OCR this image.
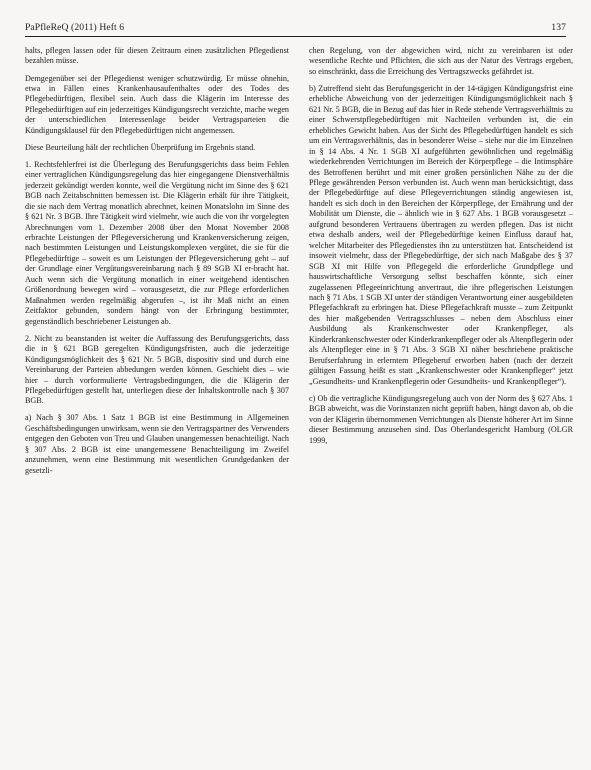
PaPfleReQ (2011) Heft 6	137

halts, pflegen lassen oder für diesen Zeitraum einen zusätzlichen Pflegedienst bezahlen müsse.

Demgegenüber sei der Pflegedienst weniger schutzwürdig. Er müsse ohnehin, etwa in Fällen eines Krankenhausaufenthaltes oder des Todes des Pflegebedürftigen, flexibel sein. Auch dass die Klägerin im Interesse des Pflegebedürftigen auf ein jederzeitiges Kündigungsrecht verzichte, mache wegen der unterschiedlichen Interessenlage beider Vertragsparteien die Kündigungsklausel für den Pflegebedürftigen nicht angemessen.

Diese Beurteilung hält der rechtlichen Überprüfung im Ergebnis stand.

1. Rechtsfehlerfrei ist die Überlegung des Berufungsgerichts dass beim Fehlen einer vertraglichen Kündigungsregelung das hier eingegangene Dienstverhältnis jederzeit gekündigt werden konnte, weil die Vergütung nicht im Sinne des § 621 BGB nach Zeitabschnitten bemessen ist. Die Klägerin erhält für ihre Tätigkeit, die sie nach dem Vertrag monatlich abrechnet, keinen Monatslohn im Sinne des § 621 Nr. 3 BGB. Ihre Tätigkeit wird vielmehr, wie auch die von ihr vorgelegten Abrechnungen vom 1. Dezember 2008 über den Monat November 2008 erbrachte Leistungen der Pflegeversicherung und Krankenversicherung zeigen, nach bestimmten Leistungen und Leistungskomplexen vergütet, die sie für die Pflegebedürftige – soweit es um Leistungen der Pflegeversicherung geht – auf der Grundlage einer Vergütungsvereinbarung nach § 89 SGB XI er-bracht hat. Auch wenn sich die Vergütung monatlich in einer weitgehend identischen Größenordnung bewegen wird – vorausgesetzt, die zur Pflege erforderlichen Maßnahmen werden regelmäßig abgerufen –, ist ihr Maß nicht an einen Zeitfaktor gebunden, sondern hängt von der Erbringung bestimmter, gegenständlich beschriebener Leistungen ab.

2. Nicht zu beanstanden ist weiter die Auffassung des Berufungsgerichts, dass die in § 621 BGB geregelten Kündigungsfristen, auch die jederzeitige Kündigungsmöglichkeit des § 621 Nr. 5 BGB, dispositiv sind und durch eine Vereinbarung der Parteien abbedungen werden können. Geschieht dies – wie hier – durch vorformulierte Vertragsbedingungen, die die Klägerin der Pflegebedürftigen gestellt hat, unterliegen diese der Inhaltskontrolle nach § 307 BGB.

a) Nach § 307 Abs. 1 Satz 1 BGB ist eine Bestimmung in Allgemeinen Geschäftsbedingungen unwirksam, wenn sie den Vertragspartner des Verwenders entgegen den Geboten von Treu und Glauben unangemessen benachteiligt. Nach § 307 Abs. 2 BGB ist eine unangemessene Benachteiligung im Zweifel anzunehmen, wenn eine Bestimmung mit wesentlichen Grundgedanken der gesetzli-

chen Regelung, von der abgewichen wird, nicht zu vereinbaren ist oder wesentliche Rechte und Pflichten, die sich aus der Natur des Vertrags ergeben, so einschränkt, dass die Erreichung des Vertragszwecks gefährdet ist.

b) Zutreffend sieht das Berufungsgericht in der 14-tägigen Kündigungsfrist eine erhebliche Abweichung von der jederzeitigen Kündigungsmöglichkeit nach § 621 Nr. 5 BGB, die in Bezug auf das hier in Rede stehende Vertragsverhältnis zu einer Schwerstpflegebedürftigen mit Nachteilen verbunden ist, die ein erhebliches Gewicht haben. Aus der Sicht des Pflegebedürftigen handelt es sich um ein Vertragsverhältnis, das in besonderer Weise – siehe nur die im Einzelnen in § 14 Abs. 4 Nr. 1 SGB XI aufgeführten gewöhnlichen und regelmäßig wiederkehrenden Verrichtungen im Bereich der Körperpflege – die Intimsphäre des Betroffenen berührt und mit einer großen persönlichen Nähe zu der die Pflege gewährenden Person verbunden ist. Auch wenn man berücksichtigt, dass der Pflegebedürftige auf diese Pflegeverrichtungen ständig angewiesen ist, handelt es sich doch in den Bereichen der Körperpflege, der Ernährung und der Mobilität um Dienste, die – ähnlich wie in § 627 Abs. 1 BGB vorausgesetzt – aufgrund besonderen Vertrauens übertragen zu werden pflegen. Das ist nicht etwa deshalb anders, weil der Pflegebedürftige keinen Einfluss darauf hat, welcher Mitarbeiter des Pflegedienstes ihn zu unterstützen hat. Entscheidend ist insoweit vielmehr, dass der Pflegebedürftige, der sich nach Maßgabe des § 37 SGB XI mit Hilfe von Pflegegeld die erforderliche Grundpflege und hauswirtschaftliche Versorgung selbst beschaffen könnte, sich einer zugelassenen Pflegeeinrichtung anvertraut, die ihre pflegerischen Leistungen nach § 71 Abs. 1 SGB XI unter der ständigen Verantwortung einer ausgebildeten Pflegefachkraft zu erbringen hat. Diese Pflegefachkraft musste – zum Zeitpunkt des hier maßgebenden Vertragsschlusses – neben dem Abschluss einer Ausbildung als Krankenschwester oder Krankenpfleger, als Kinderkrankenschwester oder Kinderkrankenpfleger oder als Altenpflegerin oder als Altenpfleger eine in § 71 Abs. 3 SGB XI näher beschriebene praktische Berufserfahrung in erlerntem Pflegeberuf erworben haben (nach der derzeit gültigen Fassung heißt es statt „Krankenschwester oder Krankenpfleger“ jetzt „Gesundheits- und Krankenpflegerin oder Gesundheits- und Krankenpfleger“).

c) Ob die vertragliche Kündigungsregelung auch von der Norm des § 627 Abs. 1 BGB abweicht, was die Vorinstanzen nicht geprüft haben, hängt davon ab, ob die von der Klägerin übernommenen Verrichtungen als Dienste höherer Art im Sinne dieser Bestimmung anzusehen sind. Das Oberlandesgericht Hamburg (OLGR 1999,
